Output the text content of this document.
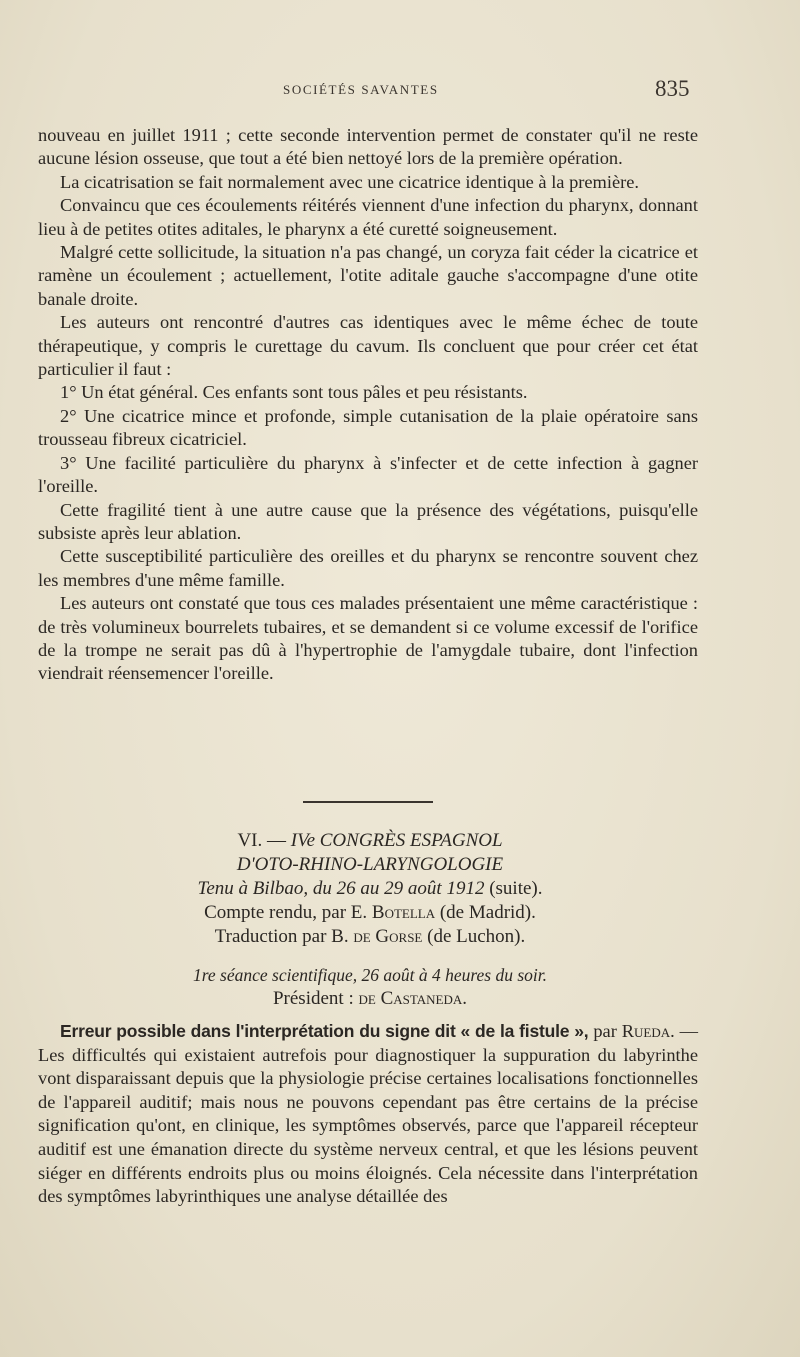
SOCIÉTÉS SAVANTES	835

nouveau en juillet 1911 ; cette seconde intervention permet de constater qu'il ne reste aucune lésion osseuse, que tout a été bien nettoyé lors de la première opération.

La cicatrisation se fait normalement avec une cicatrice identique à la première.

Convaincu que ces écoulements réitérés viennent d'une infection du pharynx, donnant lieu à de petites otites aditales, le pharynx a été curetté soigneusement.

Malgré cette sollicitude, la situation n'a pas changé, un coryza fait céder la cicatrice et ramène un écoulement ; actuellement, l'otite aditale gauche s'accompagne d'une otite banale droite.

Les auteurs ont rencontré d'autres cas identiques avec le même échec de toute thérapeutique, y compris le curettage du cavum. Ils concluent que pour créer cet état particulier il faut :

1° Un état général. Ces enfants sont tous pâles et peu résistants.

2° Une cicatrice mince et profonde, simple cutanisation de la plaie opératoire sans trousseau fibreux cicatriciel.

3° Une facilité particulière du pharynx à s'infecter et de cette infection à gagner l'oreille.

Cette fragilité tient à une autre cause que la présence des végétations, puisqu'elle subsiste après leur ablation.

Cette susceptibilité particulière des oreilles et du pharynx se rencontre souvent chez les membres d'une même famille.

Les auteurs ont constaté que tous ces malades présentaient une même caractéristique : de très volumineux bourrelets tubaires, et se demandent si ce volume excessif de l'orifice de la trompe ne serait pas dû à l'hypertrophie de l'amygdale tubaire, dont l'infection viendrait réensemencer l'oreille.

VI. — IVe CONGRÈS ESPAGNOL
D'OTO-RHINO-LARYNGOLOGIE
Tenu à Bilbao, du 26 au 29 août 1912 (suite).
Compte rendu, par E. Botella (de Madrid).
Traduction par B. de Gorse (de Luchon).
1re séance scientifique, 26 août à 4 heures du soir.
Président : de Castaneda.

Erreur possible dans l'interprétation du signe dit « de la fistule », par Rueda. — Les difficultés qui existaient autrefois pour diagnostiquer la suppuration du labyrinthe vont disparaissant depuis que la physiologie précise certaines localisations fonctionnelles de l'appareil auditif; mais nous ne pouvons cependant pas être certains de la précise signification qu'ont, en clinique, les symptômes observés, parce que l'appareil récepteur auditif est une émanation directe du système nerveux central, et que les lésions peuvent siéger en différents endroits plus ou moins éloignés. Cela nécessite dans l'interprétation des symptômes labyrinthiques une analyse détaillée des
